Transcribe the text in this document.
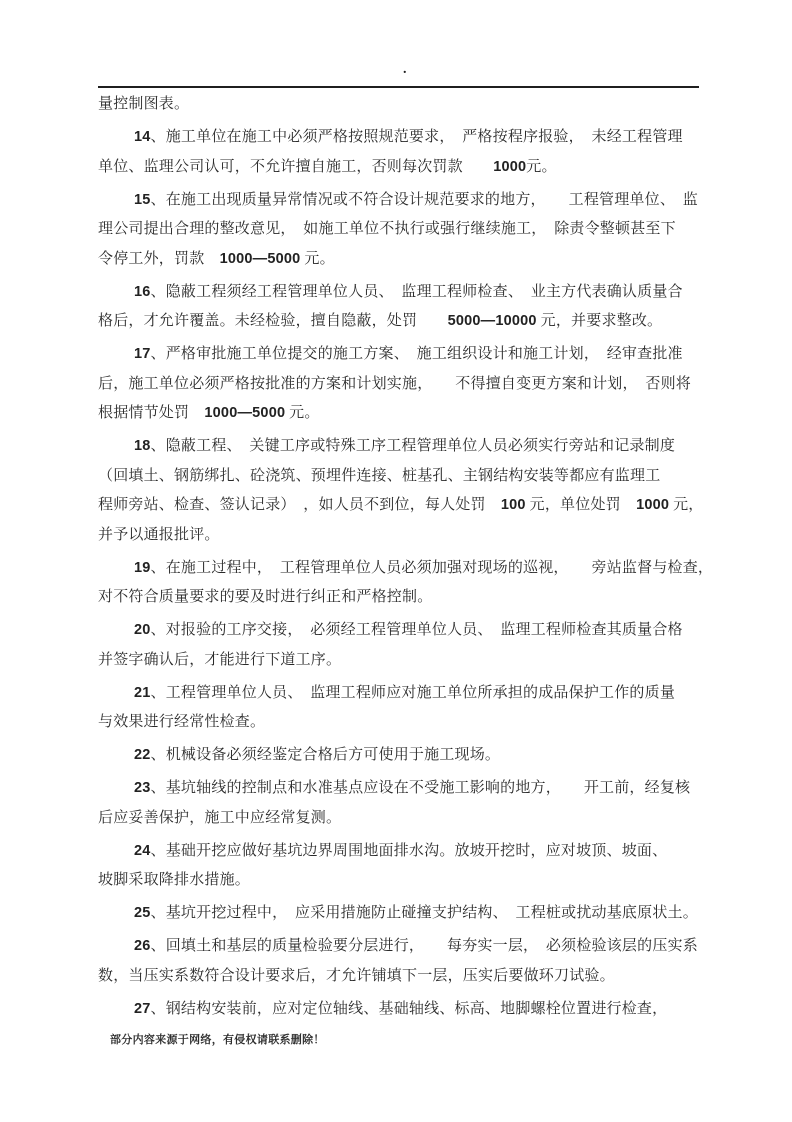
.
量控制图表。
14、施工单位在施工中必须严格按照规范要求，　严格按程序报验，　未经工程管理
单位、监理公司认可，不允许擅自施工，否则每次罚款　　1000元。
15、在施工出现质量异常情况或不符合设计规范要求的地方，　　工程管理单位、　监
理公司提出合理的整改意见，　如施工单位不执行或强行继续施工，　除责令整顿甚至下
令停工外，罚款　1000—5000 元。
16、隐蔽工程须经工程管理单位人员、　监理工程师检查、　业主方代表确认质量合
格后，才允许覆盖。未经检验，擅自隐蔽，处罚　　5000—10000 元，并要求整改。
17、严格审批施工单位提交的施工方案、　施工组织设计和施工计划，　经审查批准
后，施工单位必须严格按批准的方案和计划实施，　　不得擅自变更方案和计划，　否则将
根据情节处罚　1000—5000 元。
18、隐蔽工程、　关键工序或特殊工序工程管理单位人员必须实行旁站和记录制度
（回填土、钢筋绑扎、砼浇筑、预埋件连接、桩基孔、主钢结构安装等都应有监理工
程师旁站、检查、签认记录）　，如人员不到位，每人处罚　100 元，单位处罚　1000 元，
并予以通报批评。
19、在施工过程中，　工程管理单位人员必须加强对现场的巡视，　　旁站监督与检查，
对不符合质量要求的要及时进行纠正和严格控制。
20、对报验的工序交接，　必须经工程管理单位人员、　监理工程师检查其质量合格
并签字确认后，才能进行下道工序。
21、工程管理单位人员、　监理工程师应对施工单位所承担的成品保护工作的质量
与效果进行经常性检查。
22、机械设备必须经鉴定合格后方可使用于施工现场。
23、基坑轴线的控制点和水准基点应设在不受施工影响的地方，　　开工前，经复核
后应妥善保护，施工中应经常复测。
24、基础开挖应做好基坑边界周围地面排水沟。放坡开挖时，应对坡顶、坡面、
坡脚采取降排水措施。
25、基坑开挖过程中，　应采用措施防止碰撞支护结构、　工程桩或扰动基底原状土。
26、回填土和基层的质量检验要分层进行，　　每夯实一层，　必须检验该层的压实系
数，当压实系数符合设计要求后，才允许铺填下一层，压实后要做环刀试验。
27、钢结构安装前，应对定位轴线、基础轴线、标高、地脚螺栓位置进行检查，
部分内容来源于网络，有侵权请联系删除！
